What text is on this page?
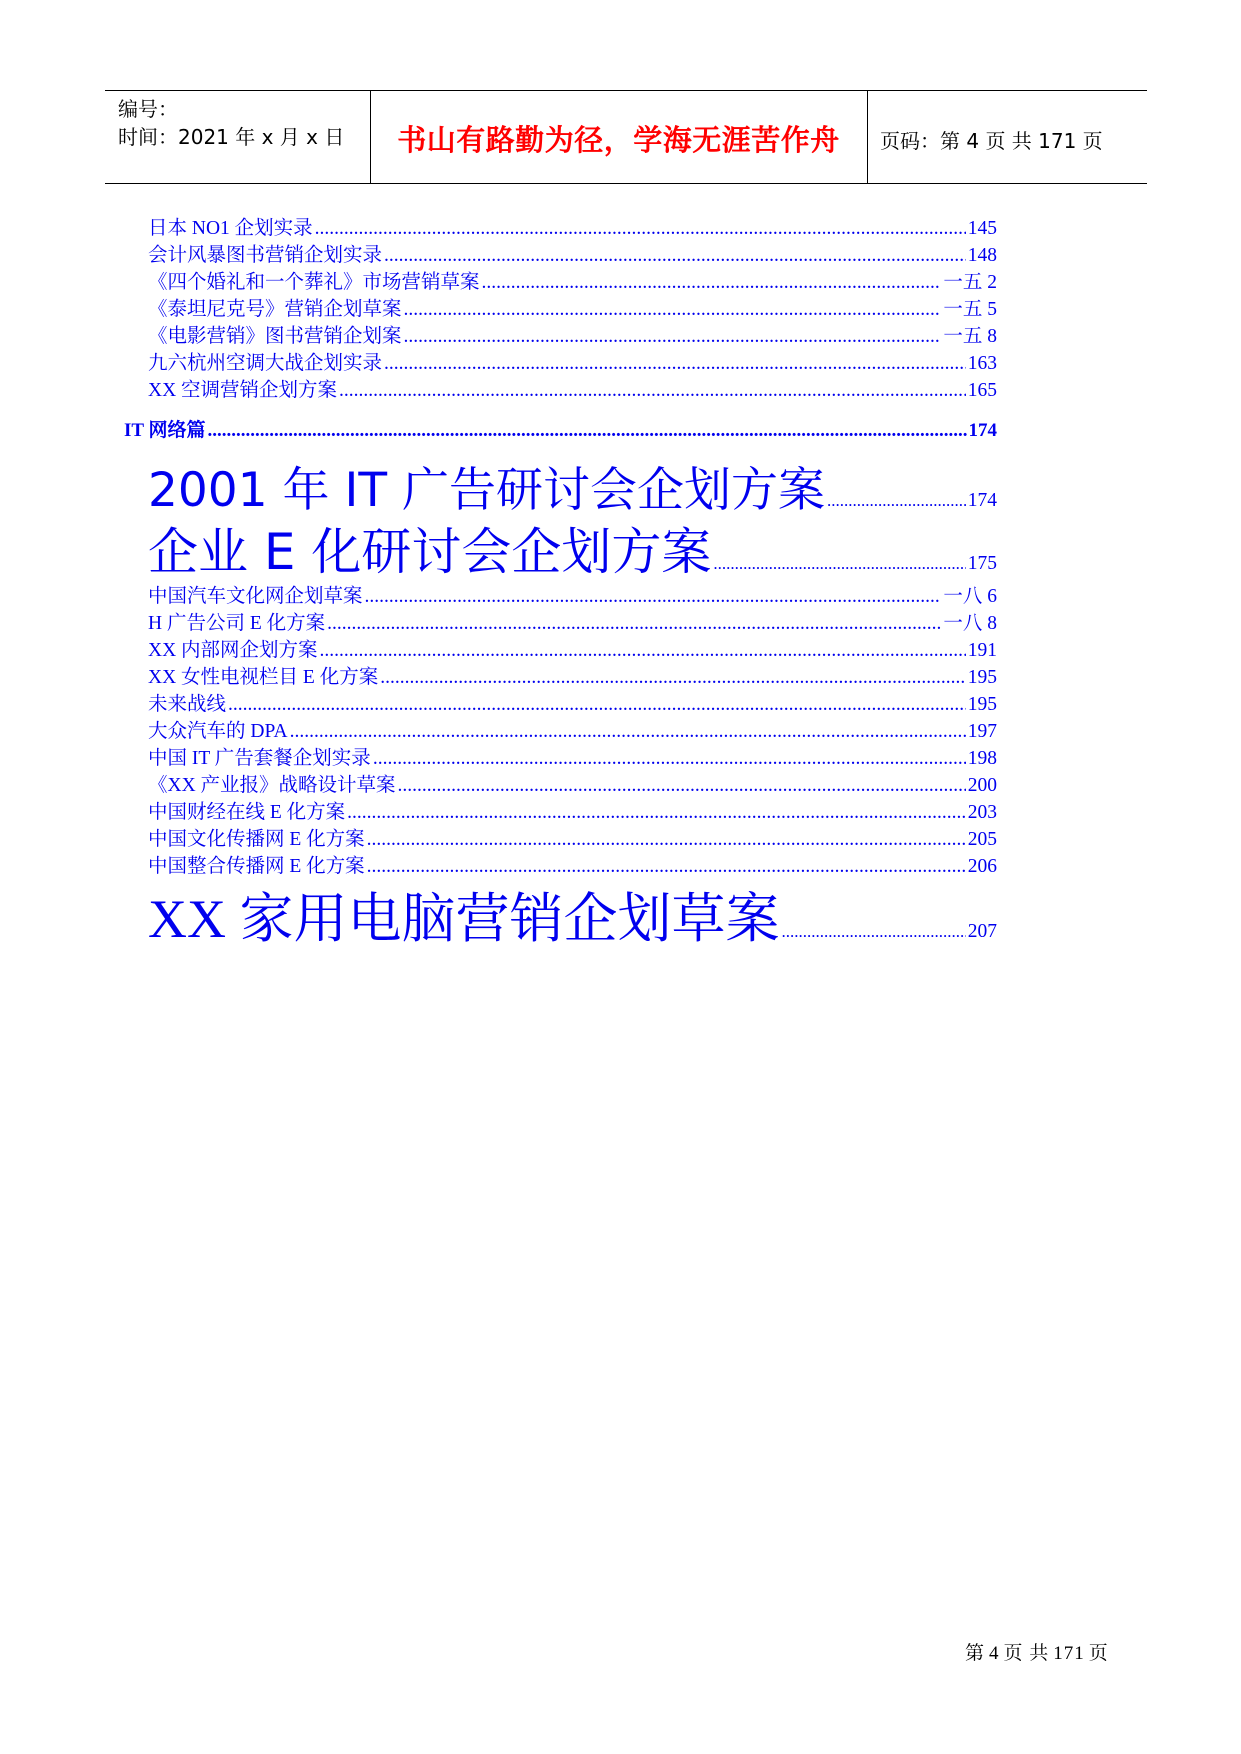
编号：
时间：2021 年 x 月 x 日	书山有路勤为径，学海无涯苦作舟	页码：第 4 页 共 171 页
日本 NO1 企划实录 .....	145
会计风暴图书营销企划实录 .....	148
《四个婚礼和一个葬礼》市场营销草案 .....	一五 2
《泰坦尼克号》营销企划草案 .....	一五 5
《电影营销》图书营销企划案 .....	一五 8
九六杭州空调大战企划实录 .....	163
XX 空调营销企划方案 .....	165
IT 网络篇 .....	174
2001 年 IT 广告研讨会企划方案 .....	174
企业 E 化研讨会企划方案 .....	175
中国汽车文化网企划草案 .....	一八 6
H 广告公司 E 化方案 .....	一八 8
XX 内部网企划方案 .....	191
XX 女性电视栏目 E 化方案 .....	195
未来战线 .....	195
大众汽车的 DPA .....	197
中国 IT 广告套餐企划实录 .....	198
《XX 产业报》战略设计草案 .....	200
中国财经在线 E 化方案 .....	203
中国文化传播网 E 化方案 .....	205
中国整合传播网 E 化方案 .....	206
XX 家用电脑营销企划草案 .....	207
第 4 页 共 171 页
